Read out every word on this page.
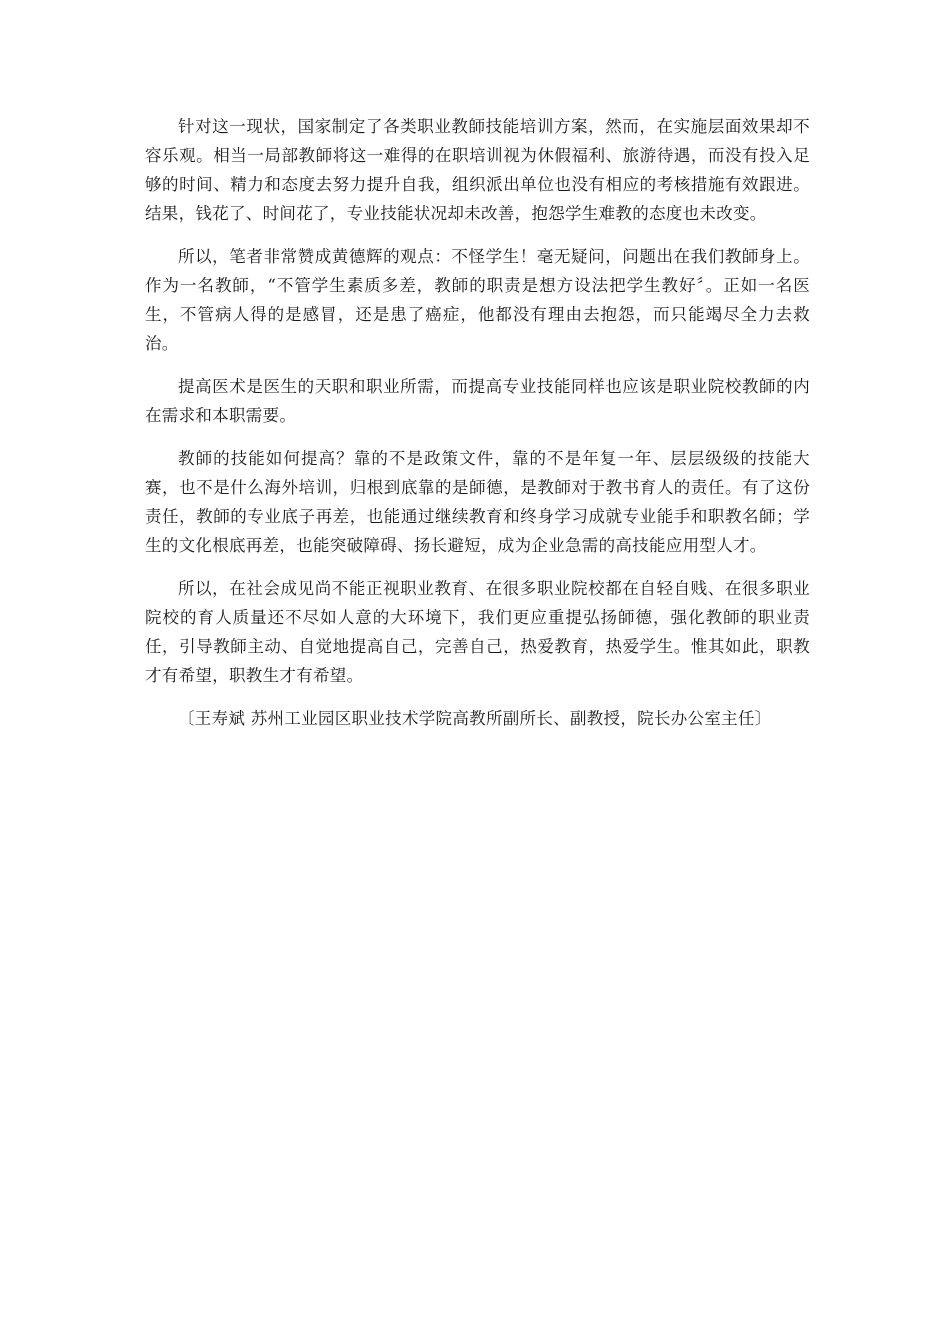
针对这一现状，国家制定了各类职业教師技能培训方案，然而，在实施层面效果却不容乐观。相当一局部教師将这一难得的在职培训视为休假福利、旅游待遇，而没有投入足够的时间、精力和态度去努力提升自我，组织派出单位也没有相应的考核措施有效跟进。结果，钱花了、时间花了，专业技能状况却未改善，抱怨学生难教的态度也未改变。

所以，笔者非常赞成黄德辉的观点：不怪学生！毫无疑问，问题出在我们教師身上。作为一名教師，“不管学生素质多差，教師的职责是想方设法把学生教好〞。正如一名医生，不管病人得的是感冒，还是患了癌症，他都没有理由去抱怨，而只能竭尽全力去救治。

提高医术是医生的天职和职业所需，而提高专业技能同样也应该是职业院校教師的内在需求和本职需要。

教師的技能如何提高？靠的不是政策文件，靠的不是年复一年、层层级级的技能大赛，也不是什么海外培训，归根到底靠的是師德，是教師对于教书育人的责任。有了这份责任，教師的专业底子再差，也能通过继续教育和终身学习成就专业能手和职教名師；学生的文化根底再差，也能突破障碍、扬长避短，成为企业急需的高技能应用型人才。

所以，在社会成见尚不能正视职业教育、在很多职业院校都在自轻自贱、在很多职业院校的育人质量还不尽如人意的大环境下，我们更应重提弘扬師德，强化教師的职业责任，引导教師主动、自觉地提高自己，完善自己，热爱教育，热爱学生。惟其如此，职教才有希望，职教生才有希望。

〔王寿斌 苏州工业园区职业技术学院高教所副所长、副教授，院长办公室主任〕
